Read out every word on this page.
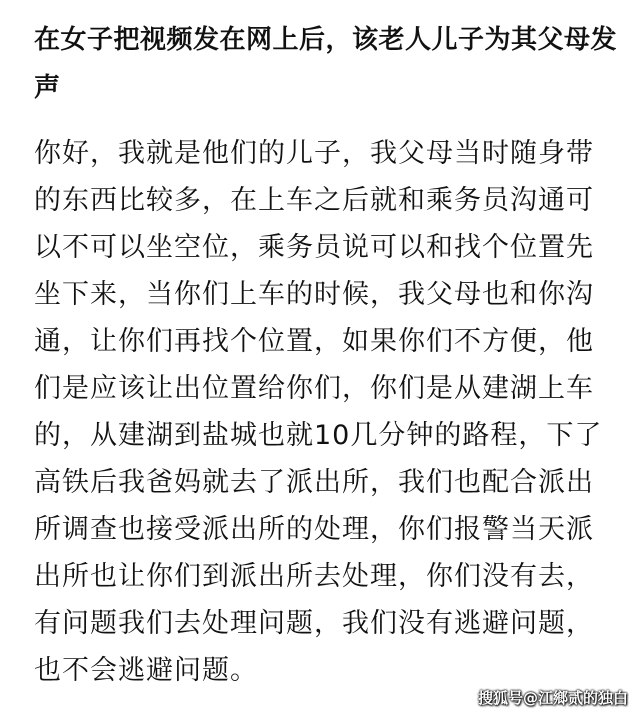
在女子把视频发在网上后，该老人儿子为其父母发声

你好，我就是他们的儿子，我父母当时随身带的东西比较多，在上车之后就和乘务员沟通可以不可以坐空位，乘务员说可以和找个位置先坐下来，当你们上车的时候，我父母也和你沟通，让你们再找个位置，如果你们不方便，他们是应该让出位置给你们，你们是从建湖上车的，从建湖到盐城也就10几分钟的路程，下了高铁后我爸妈就去了派出所，我们也配合派出所调查也接受派出所的处理，你们报警当天派出所也让你们到派出所去处理，你们没有去，有问题我们去处理问题，我们没有逃避问题，也不会逃避问题。

搜狐号@江鄉贰的独白
